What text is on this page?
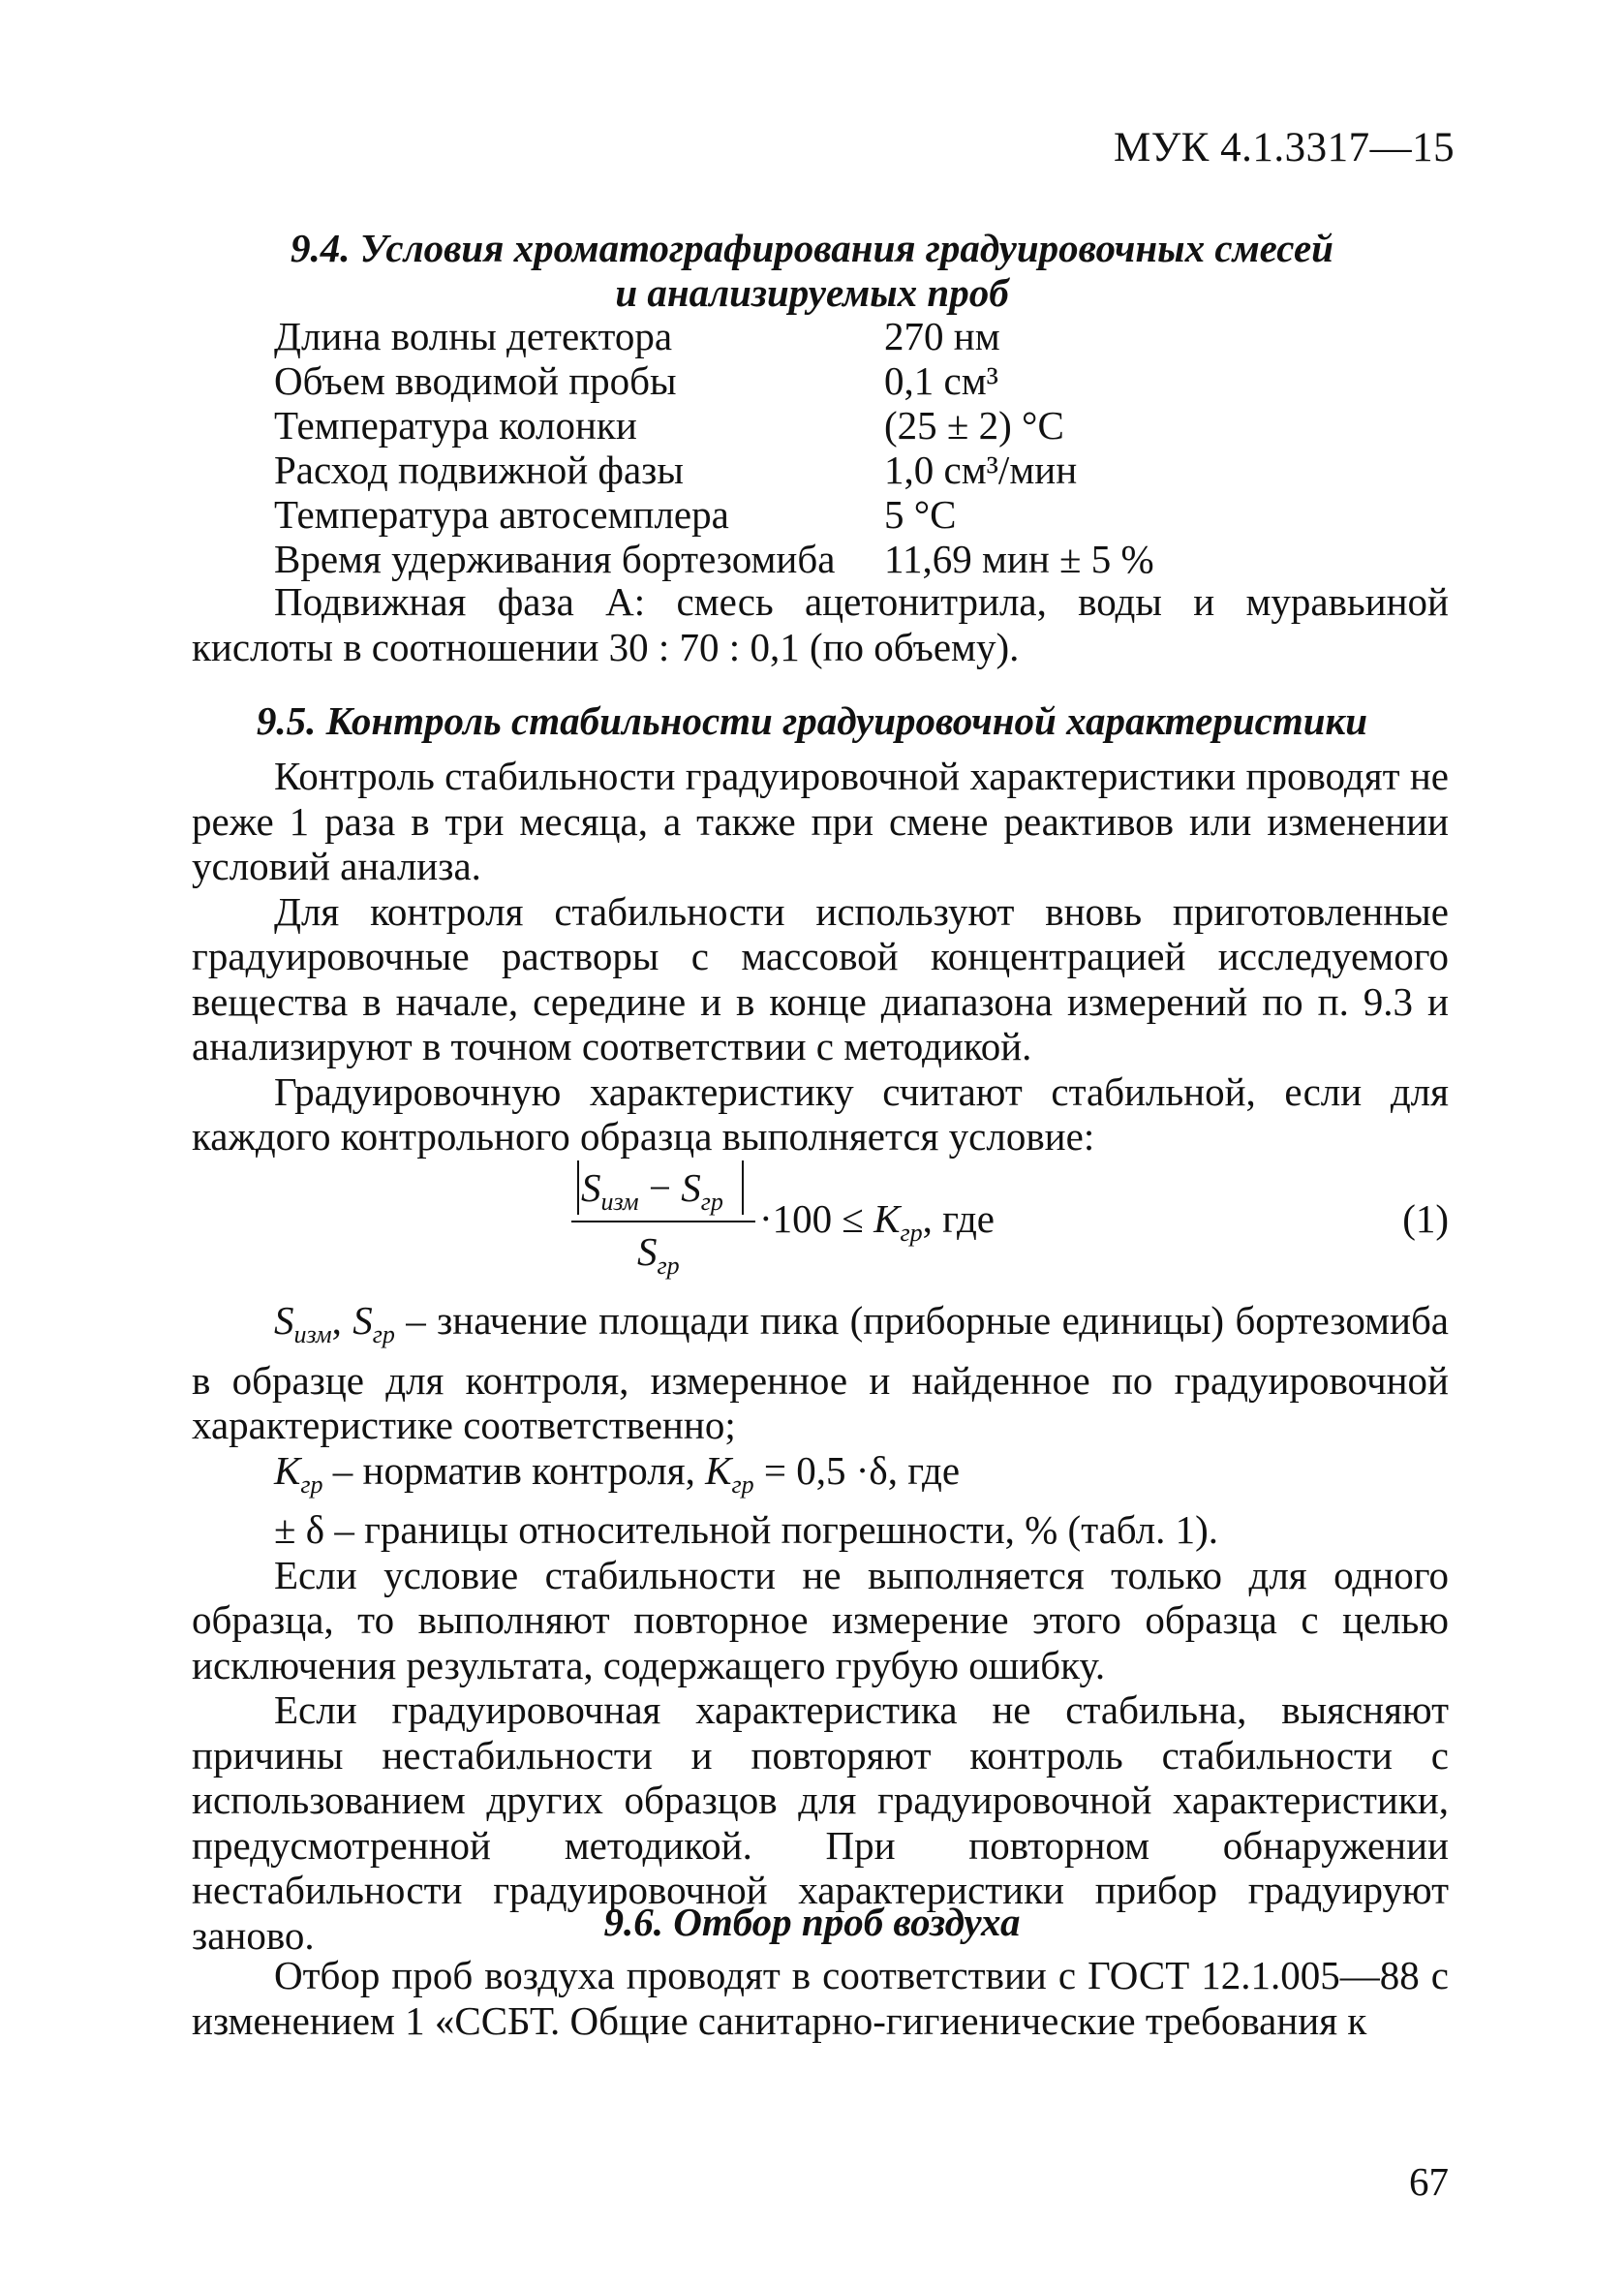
МУК 4.1.3317—15
9.4. Условия хроматографирования градуировочных смесей
и анализируемых проб
Длина волны детектора	270 нм
Объем вводимой пробы	0,1 см³
Температура колонки	(25 ± 2) °С
Расход подвижной фазы	1,0 см³/мин
Температура автосемплера	5 °С
Время удерживания бортезомиба	11,69 мин ± 5 %

Подвижная фаза А: смесь ацетонитрила, воды и муравьиной кислоты в соотношении 30 : 70 : 0,1 (по объему).

9.5. Контроль стабильности градуировочной характеристики

Контроль стабильности градуировочной характеристики проводят не реже 1 раза в три месяца, а также при смене реактивов или изменении условий анализа.

Для контроля стабильности используют вновь приготовленные градуировочные растворы с массовой концентрацией исследуемого вещества в начале, середине и в конце диапазона измерений по п. 9.3 и анализируют в точном соответствии с методикой.

Градуировочную характеристику считают стабильной, если для каждого контрольного образца выполняется условие:

$S_{изм} - S_{гр}$
$S_{гр}$
$\cdot 100 \le K_{гр}$, где	(1)

$S_{изм}$, $S_{гр}$ – значение площади пика (приборные единицы) бортезомиба в образце для контроля, измеренное и найденное по градуировочной характеристике соответственно;

$K_{гр}$ – норматив контроля, $K_{гр} = 0,5 \cdot\delta$, где

± δ – границы относительной погрешности, % (табл. 1).

Если условие стабильности не выполняется только для одного образца, то выполняют повторное измерение этого образца с целью исключения результата, содержащего грубую ошибку.

Если градуировочная характеристика не стабильна, выясняют причины нестабильности и повторяют контроль стабильности с использованием других образцов для градуировочной характеристики, предусмотренной методикой. При повторном обнаружении нестабильности градуировочной характеристики прибор градуируют заново.	9.6. Отбор проб воздуха

Отбор проб воздуха проводят в соответствии с ГОСТ 12.1.005—88 с изменением 1 «ССБТ. Общие санитарно-гигиенические требования к

67
